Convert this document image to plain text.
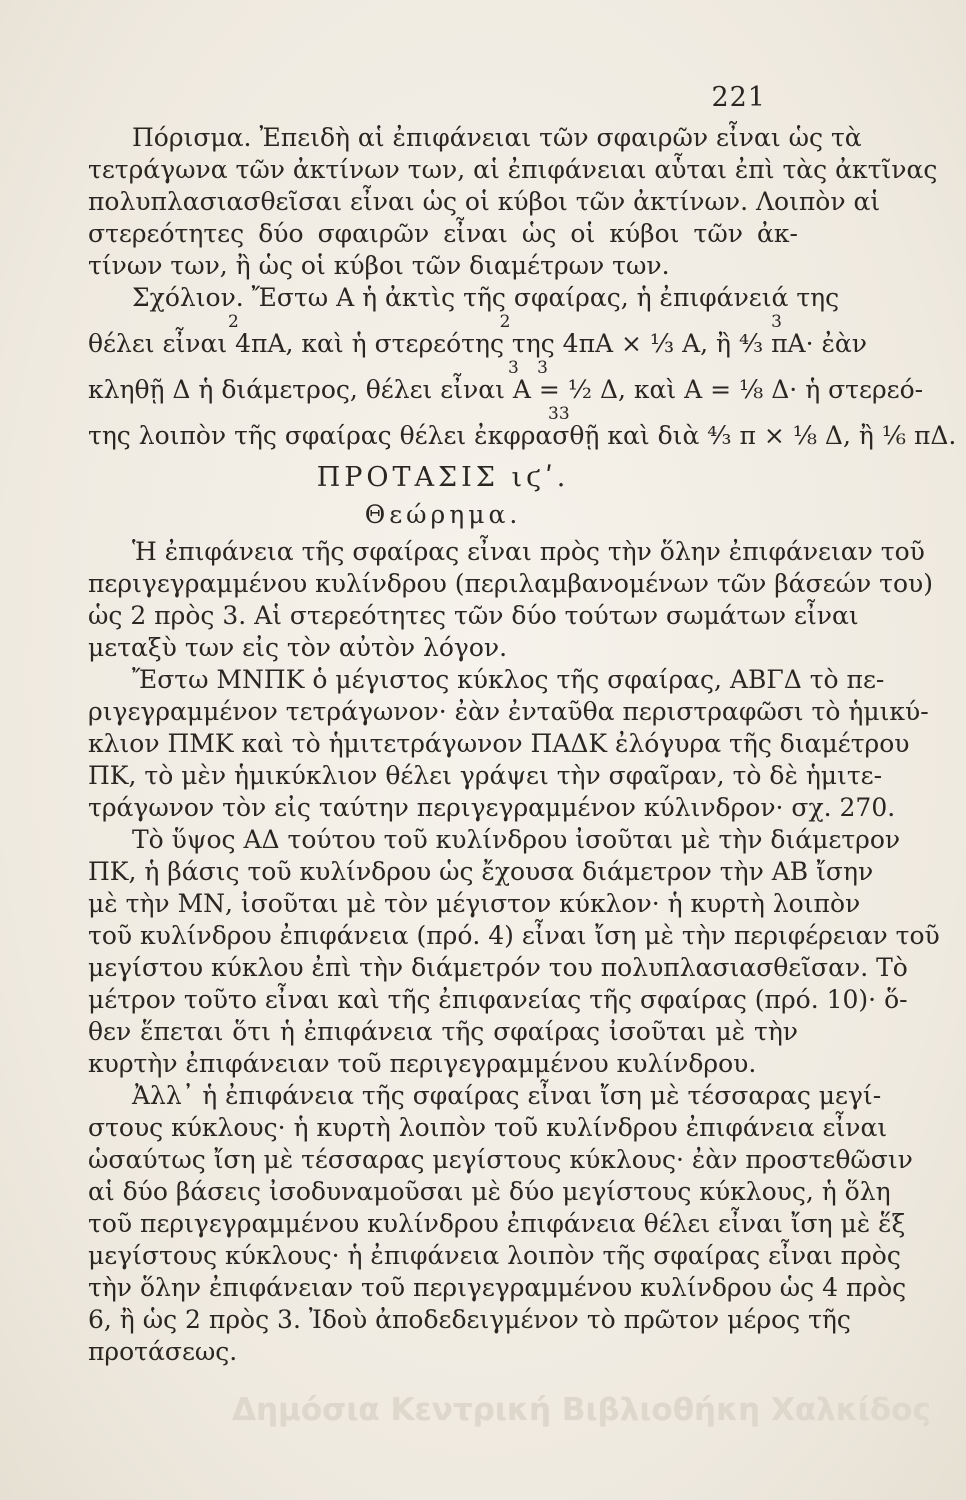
221
Πόρισμα. Ἐπειδὴ αἱ ἐπιφάνειαι τῶν σφαιρῶν εἶναι ὡς τὰ
τετράγωνα τῶν ἀκτίνων των, αἱ ἐπιφάνειαι αὗται ἐπὶ τὰς ἀκτῖνας
πολυπλασιασθεῖσαι εἶναι ὡς οἱ κύβοι τῶν ἀκτίνων. Λοιπὸν αἱ
στερεότητες δύο σφαιρῶν εἶναι ὡς οἱ κύβοι τῶν ἀκ-
τίνων των, ἢ ὡς οἱ κύβοι τῶν διαμέτρων των.
Σχόλιον. Ἔστω Α ἡ ἀκτὶς τῆς σφαίρας, ἡ ἐπιφάνειά της
2	2	3
θέλει εἶναι 4πΑ, καὶ ἡ στερεότης της 4πΑ × ⅓ Α, ἢ ⁴⁄₃ πΑ· ἐὰν
3 3
κληθῇ Δ ἡ διάμετρος, θέλει εἶναι Α = ½ Δ, καὶ Α = ⅛ Δ· ἡ στερεό-
3 3
της λοιπὸν τῆς σφαίρας θέλει ἐκφρασθῇ καὶ διὰ ⁴⁄₃ π × ⅛ Δ, ἢ ⅙ πΔ.
ΠΡΟΤΑΣΙΣ ιϛʹ.
Θεώρημα.
Ἡ ἐπιφάνεια τῆς σφαίρας εἶναι πρὸς τὴν ὅλην ἐπιφάνειαν τοῦ
περιγεγραμμένου κυλίνδρου (περιλαμβανομένων τῶν βάσεών του)
ὡς 2 πρὸς 3. Αἱ στερεότητες τῶν δύο τούτων σωμάτων εἶναι
μεταξὺ των εἰς τὸν αὐτὸν λόγον.
Ἔστω ΜΝΠΚ ὁ μέγιστος κύκλος τῆς σφαίρας, ΑΒΓΔ τὸ πε-
ριγεγραμμένον τετράγωνον· ἐὰν ἐνταῦθα περιστραφῶσι τὸ ἡμικύ-
κλιον ΠΜΚ καὶ τὸ ἡμιτετράγωνον ΠΑΔΚ ἐλόγυρα τῆς διαμέτρου
ΠΚ, τὸ μὲν ἡμικύκλιον θέλει γράψει τὴν σφαῖραν, τὸ δὲ ἡμιτε-
τράγωνον τὸν εἰς ταύτην περιγεγραμμένον κύλινδρον· σχ. 270.
Τὸ ὕψος ΑΔ τούτου τοῦ κυλίνδρου ἰσοῦται μὲ τὴν διάμετρον
ΠΚ, ἡ βάσις τοῦ κυλίνδρου ὡς ἔχουσα διάμετρον τὴν ΑΒ ἴσην
μὲ τὴν ΜΝ, ἰσοῦται μὲ τὸν μέγιστον κύκλον· ἡ κυρτὴ λοιπὸν
τοῦ κυλίνδρου ἐπιφάνεια (πρό. 4) εἶναι ἴση μὲ τὴν περιφέρειαν τοῦ
μεγίστου κύκλου ἐπὶ τὴν διάμετρόν του πολυπλασιασθεῖσαν. Τὸ
μέτρον τοῦτο εἶναι καὶ τῆς ἐπιφανείας τῆς σφαίρας (πρό. 10)· ὅ-
θεν ἕπεται ὅτι ἡ ἐπιφάνεια τῆς σφαίρας ἰσοῦται μὲ τὴν
κυρτὴν ἐπιφάνειαν τοῦ περιγεγραμμένου κυλίνδρου.
Ἀλλ᾽ ἡ ἐπιφάνεια τῆς σφαίρας εἶναι ἴση μὲ τέσσαρας μεγί-
στους κύκλους· ἡ κυρτὴ λοιπὸν τοῦ κυλίνδρου ἐπιφάνεια εἶναι
ὡσαύτως ἴση μὲ τέσσαρας μεγίστους κύκλους· ἐὰν προστεθῶσιν
αἱ δύο βάσεις ἰσοδυναμοῦσαι μὲ δύο μεγίστους κύκλους, ἡ ὅλη
τοῦ περιγεγραμμένου κυλίνδρου ἐπιφάνεια θέλει εἶναι ἴση μὲ ἕξ
μεγίστους κύκλους· ἡ ἐπιφάνεια λοιπὸν τῆς σφαίρας εἶναι πρὸς
τὴν ὅλην ἐπιφάνειαν τοῦ περιγεγραμμένου κυλίνδρου ὡς 4 πρὸς
6, ἢ ὡς 2 πρὸς 3. Ἰδοὺ ἀποδεδειγμένον τὸ πρῶτον μέρος τῆς
προτάσεως.
Δημόσια Κεντρική Βιβλιοθήκη Χαλκίδος
